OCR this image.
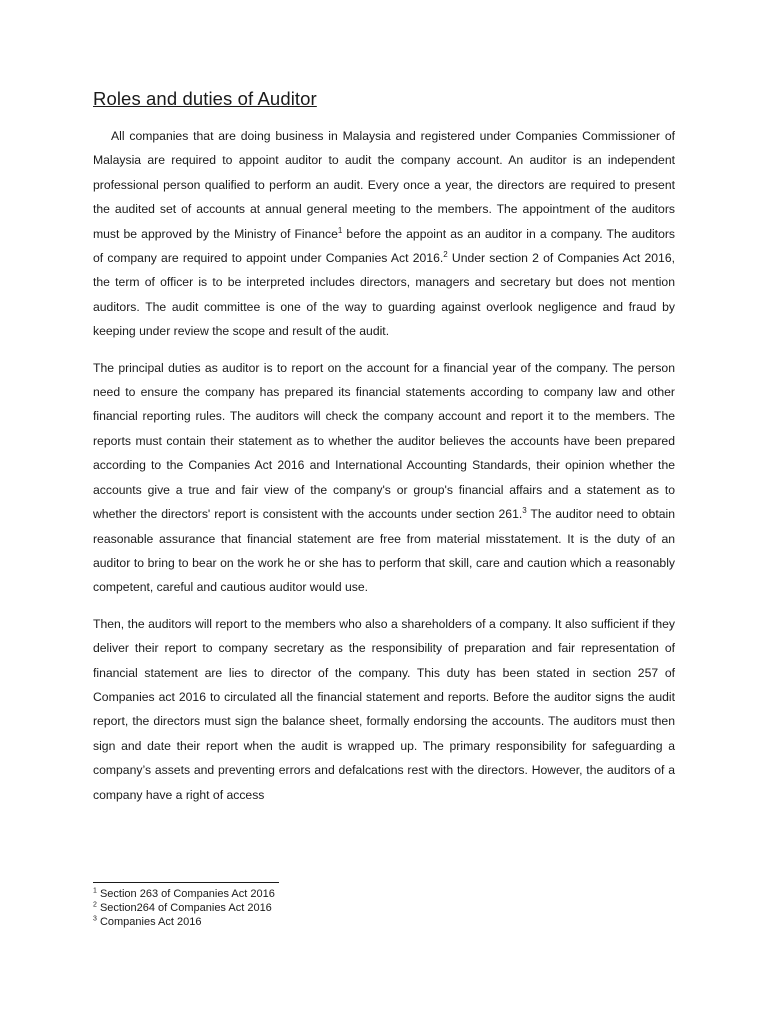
Roles and duties of Auditor

All companies that are doing business in Malaysia and registered under Companies Commissioner of Malaysia are required to appoint auditor to audit the company account. An auditor is an independent professional person qualified to perform an audit. Every once a year, the directors are required to present the audited set of accounts at annual general meeting to the members. The appointment of the auditors must be approved by the Ministry of Finance$^1$ before the appoint as an auditor in a company. The auditors of company are required to appoint under Companies Act 2016.$^2$ Under section 2 of Companies Act 2016, the term of officer is to be interpreted includes directors, managers and secretary but does not mention auditors. The audit committee is one of the way to guarding against overlook negligence and fraud by keeping under review the scope and result of the audit.

The principal duties as auditor is to report on the account for a financial year of the company. The person need to ensure the company has prepared its financial statements according to company law and other financial reporting rules. The auditors will check the company account and report it to the members. The reports must contain their statement as to whether the auditor believes the accounts have been prepared according to the Companies Act 2016 and International Accounting Standards, their opinion whether the accounts give a true and fair view of the company's or group's financial affairs and a statement as to whether the directors' report is consistent with the accounts under section 261.$^3$ The auditor need to obtain reasonable assurance that financial statement are free from material misstatement. It is the duty of an auditor to bring to bear on the work he or she has to perform that skill, care and caution which a reasonably competent, careful and cautious auditor would use.

Then, the auditors will report to the members who also a shareholders of a company. It also sufficient if they deliver their report to company secretary as the responsibility of preparation and fair representation of financial statement are lies to director of the company. This duty has been stated in section 257 of Companies act 2016 to circulated all the financial statement and reports. Before the auditor signs the audit report, the directors must sign the balance sheet, formally endorsing the accounts. The auditors must then sign and date their report when the audit is wrapped up. The primary responsibility for safeguarding a company’s assets and preventing errors and defalcations rest with the directors. However, the auditors of a company have a right of access

$^1$ Section 263 of Companies Act 2016
$^2$ Section264 of Companies Act 2016
$^3$ Companies Act 2016
